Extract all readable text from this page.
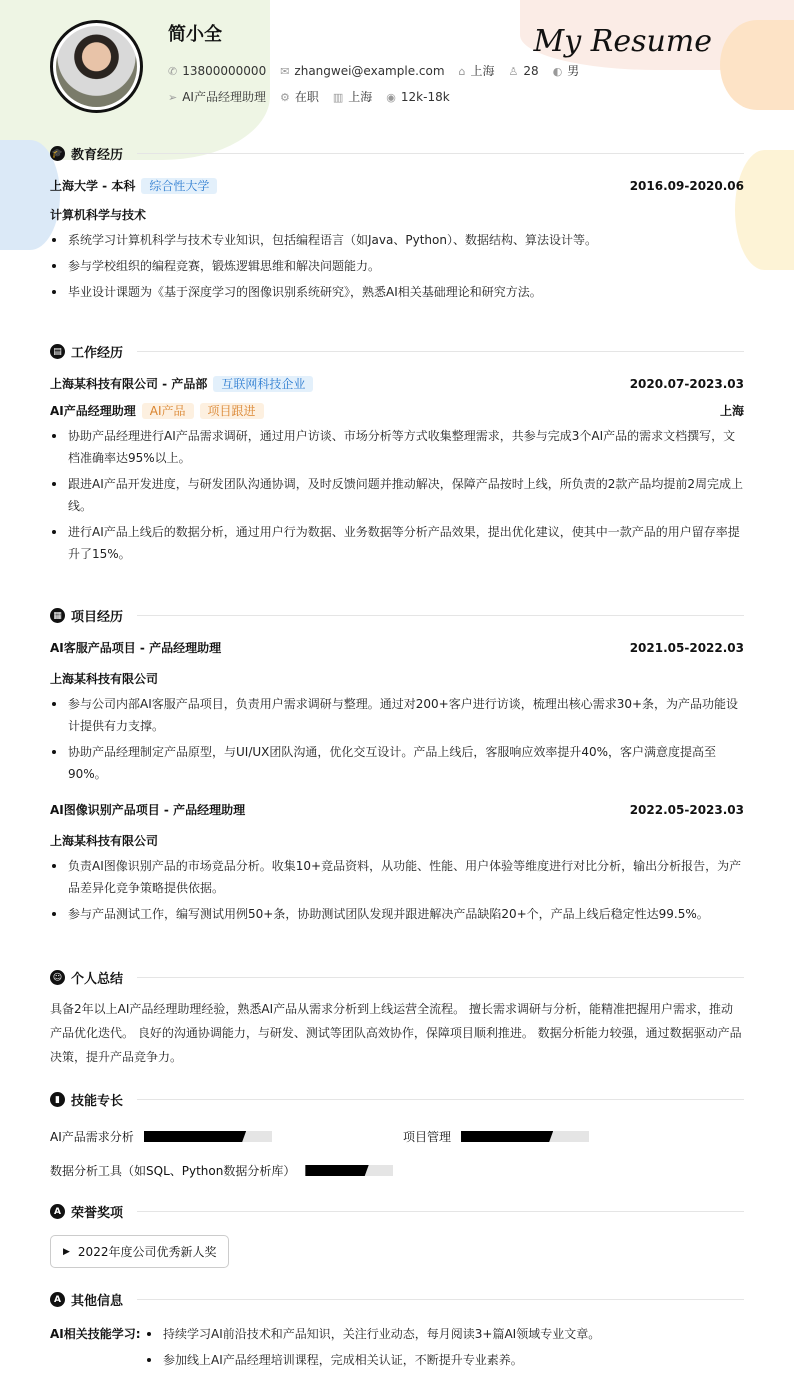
简小全	My Resume
✆ 13800000000 ✉ zhangwei@example.com ⌂ 上海 ♙ 28 ◐ 男
➢ AI产品经理助理 ⚙ 在职 ▥ 上海 ◉ 12k-18k
🎓 教育经历
上海大学 - 本科 综合性大学	2016.09-2020.06
计算机科学与技术
系统学习计算机科学与技术专业知识，包括编程语言（如Java、Python）、数据结构、算法设计等。
参与学校组织的编程竞赛，锻炼逻辑思维和解决问题能力。
毕业设计课题为《基于深度学习的图像识别系统研究》，熟悉AI相关基础理论和研究方法。
▤ 工作经历
上海某科技有限公司 - 产品部 互联网科技企业	2020.07-2023.03
AI产品经理助理 AI产品 项目跟进	上海
协助产品经理进行AI产品需求调研，通过用户访谈、市场分析等方式收集整理需求，共参与完成3个AI产品的需求文档撰写，文档准确率达95%以上。
跟进AI产品开发进度，与研发团队沟通协调，及时反馈问题并推动解决，保障产品按时上线，所负责的2款产品均提前2周完成上线。
进行AI产品上线后的数据分析，通过用户行为数据、业务数据等分析产品效果，提出优化建议，使其中一款产品的用户留存率提升了15%。
▦ 项目经历
AI客服产品项目 - 产品经理助理	2021.05-2022.03
上海某科技有限公司
参与公司内部AI客服产品项目，负责用户需求调研与整理。通过对200+客户进行访谈，梳理出核心需求30+条，为产品功能设计提供有力支撑。
协助产品经理制定产品原型，与UI/UX团队沟通，优化交互设计。产品上线后，客服响应效率提升40%，客户满意度提高至90%。
AI图像识别产品项目 - 产品经理助理	2022.05-2023.03
上海某科技有限公司
负责AI图像识别产品的市场竞品分析。收集10+竞品资料，从功能、性能、用户体验等维度进行对比分析，输出分析报告，为产品差异化竞争策略提供依据。
参与产品测试工作，编写测试用例50+条，协助测试团队发现并跟进解决产品缺陷20+个，产品上线后稳定性达99.5%。
☺ 个人总结
具备2年以上AI产品经理助理经验，熟悉AI产品从需求分析到上线运营全流程。 擅长需求调研与分析，能精准把握用户需求，推动产品优化迭代。 良好的沟通协调能力，与研发、测试等团队高效协作，保障项目顺利推进。 数据分析能力较强，通过数据驱动产品决策，提升产品竞争力。
▮ 技能专长
AI产品需求分析	项目管理
数据分析工具（如SQL、Python数据分析库）
A 荣誉奖项
▶ 2022年度公司优秀新人奖
A 其他信息
AI相关技能学习:	持续学习AI前沿技术和产品知识，关注行业动态，每月阅读3+篇AI领域专业文章。
参加线上AI产品经理培训课程，完成相关认证，不断提升专业素养。
